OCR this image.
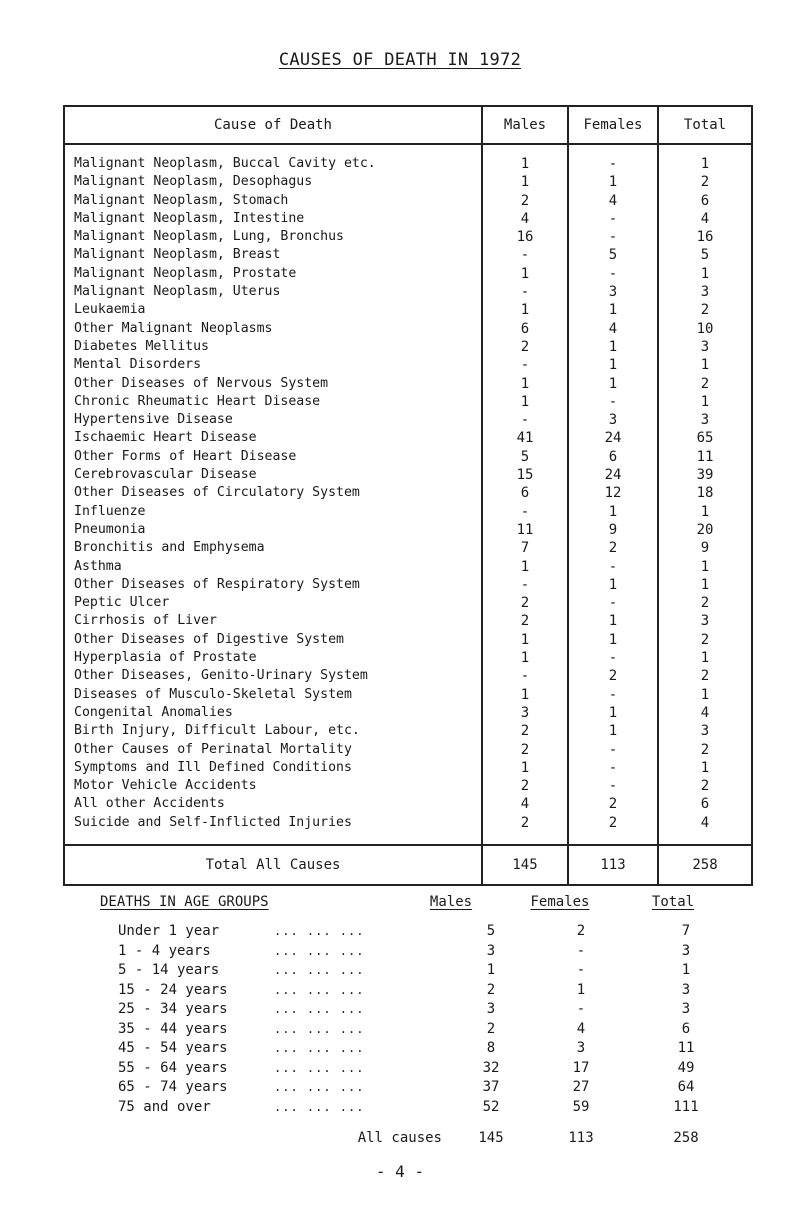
CAUSES OF DEATH IN 1972
Cause of Death	Males	Females	Total
Malignant Neoplasm, Buccal Cavity etc.	1	-	1
Malignant Neoplasm, Desophagus	1	1	2
Malignant Neoplasm, Stomach	2	4	6
Malignant Neoplasm, Intestine	4	-	4
Malignant Neoplasm, Lung, Bronchus	16	-	16
Malignant Neoplasm, Breast	-	5	5
Malignant Neoplasm, Prostate	1	-	1
Malignant Neoplasm, Uterus	-	3	3
Leukaemia	1	1	2
Other Malignant Neoplasms	6	4	10
Diabetes Mellitus	2	1	3
Mental Disorders	-	1	1
Other Diseases of Nervous System	1	1	2
Chronic Rheumatic Heart Disease	1	-	1
Hypertensive Disease	-	3	3
Ischaemic Heart Disease	41	24	65
Other Forms of Heart Disease	5	6	11
Cerebrovascular Disease	15	24	39
Other Diseases of Circulatory System	6	12	18
Influenze	-	1	1
Pneumonia	11	9	20
Bronchitis and Emphysema	7	2	9
Asthma	1	-	1
Other Diseases of Respiratory System	-	1	1
Peptic Ulcer	2	-	2
Cirrhosis of Liver	2	1	3
Other Diseases of Digestive System	1	1	2
Hyperplasia of Prostate	1	-	1
Other Diseases, Genito-Urinary System	-	2	2
Diseases of Musculo-Skeletal System	1	-	1
Congenital Anomalies	3	1	4
Birth Injury, Difficult Labour, etc.	2	1	3
Other Causes of Perinatal Mortality	2	-	2
Symptoms and Ill Defined Conditions	1	-	1
Motor Vehicle Accidents	2	-	2
All other Accidents	4	2	6
Suicide and Self-Inflicted Injuries	2	2	4
Total All Causes	145	113	258
DEATHS IN AGE GROUPS	Males	Females	Total
Under 1 year	... ... ...	5	2	7
1 - 4 years	... ... ...	3	-	3
5 - 14 years	... ... ...	1	-	1
15 - 24 years	... ... ...	2	1	3
25 - 34 years	... ... ...	3	-	3
35 - 44 years	... ... ...	2	4	6
45 - 54 years	... ... ...	8	3	11
55 - 64 years	... ... ...	32	17	49
65 - 74 years	... ... ...	37	27	64
75 and over	... ... ...	52	59	111
All causes		145	113	258
- 4 -
